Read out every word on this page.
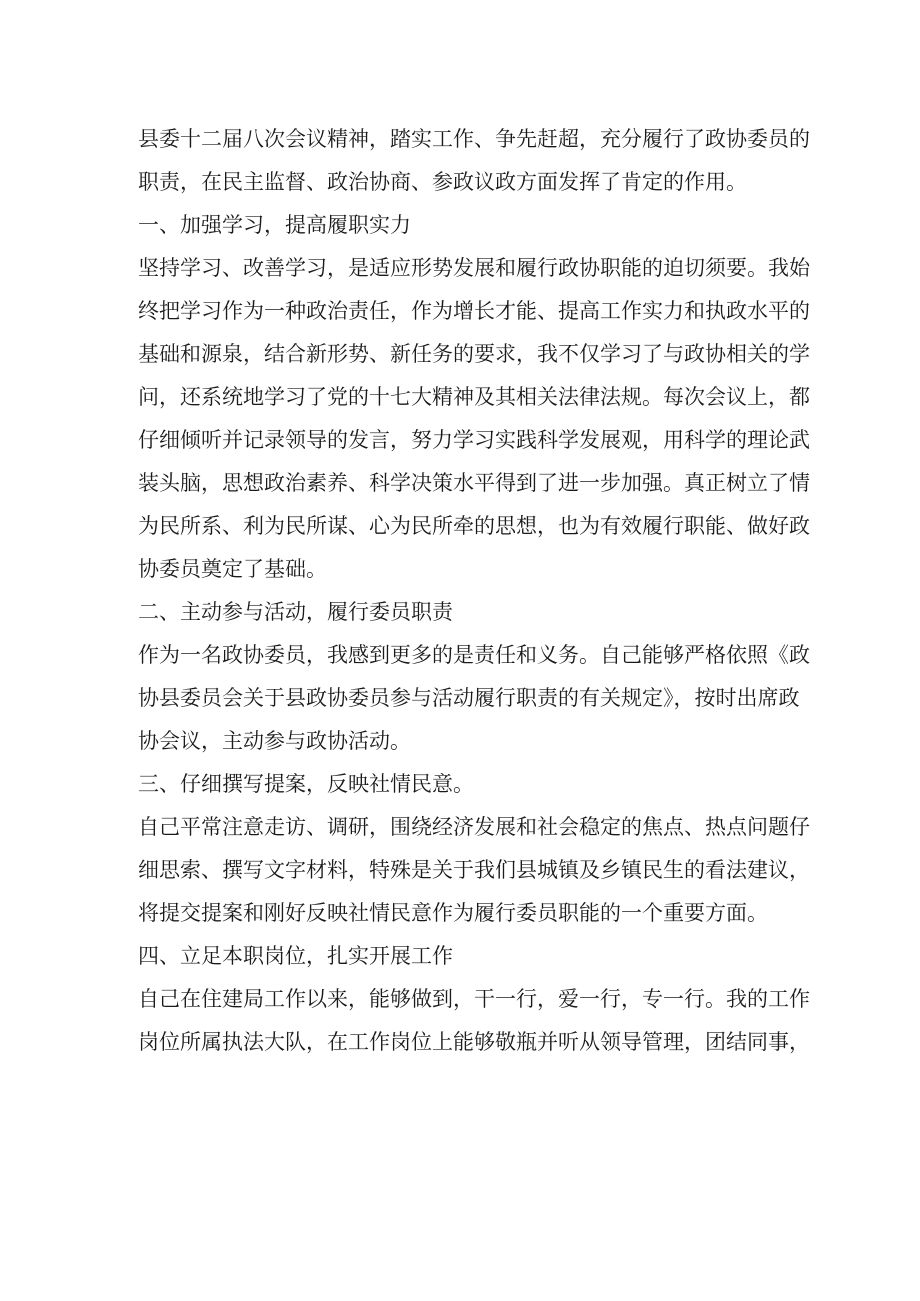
县委十二届八次会议精神，踏实工作、争先赶超，充分履行了政协委员的
职责，在民主监督、政治协商、参政议政方面发挥了肯定的作用。
一、加强学习，提高履职实力
坚持学习、改善学习，是适应形势发展和履行政协职能的迫切须要。我始
终把学习作为一种政治责任，作为增长才能、提高工作实力和执政水平的
基础和源泉，结合新形势、新任务的要求，我不仅学习了与政协相关的学
问，还系统地学习了党的十七大精神及其相关法律法规。每次会议上，都
仔细倾听并记录领导的发言，努力学习实践科学发展观，用科学的理论武
装头脑，思想政治素养、科学决策水平得到了进一步加强。真正树立了情
为民所系、利为民所谋、心为民所牵的思想，也为有效履行职能、做好政
协委员奠定了基础。
二、主动参与活动，履行委员职责
作为一名政协委员，我感到更多的是责任和义务。自己能够严格依照《政
协县委员会关于县政协委员参与活动履行职责的有关规定》，按时出席政
协会议，主动参与政协活动。
三、仔细撰写提案，反映社情民意。
自己平常注意走访、调研，围绕经济发展和社会稳定的焦点、热点问题仔
细思索、撰写文字材料，特殊是关于我们县城镇及乡镇民生的看法建议，
将提交提案和刚好反映社情民意作为履行委员职能的一个重要方面。
四、立足本职岗位，扎实开展工作
自己在住建局工作以来，能够做到，干一行，爱一行，专一行。我的工作
岗位所属执法大队，在工作岗位上能够敬瓶并听从领导管理，团结同事，
